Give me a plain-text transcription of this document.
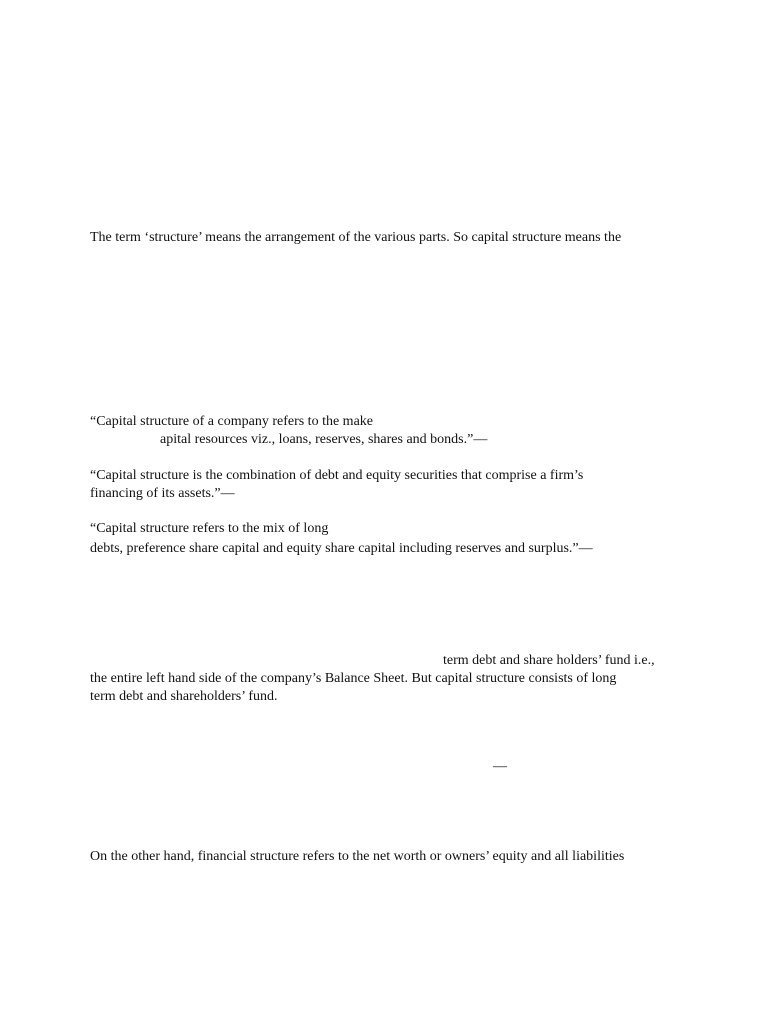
The term ‘structure’ means the arrangement of the various parts. So capital structure means the
“Capital structure of a company refers to the make
apital resources viz., loans, reserves, shares and bonds.”—
“Capital structure is the combination of debt and equity securities that comprise a firm’s
financing of its assets.”—
“Capital structure refers to the mix of long
debts, preference share capital and equity share capital including reserves and surplus.”—
term debt and share holders’ fund i.e.,
the entire left hand side of the company’s Balance Sheet. But capital structure consists of long
term debt and shareholders’ fund.
—
On the other hand, financial structure refers to the net worth or owners’ equity and all liabilities
